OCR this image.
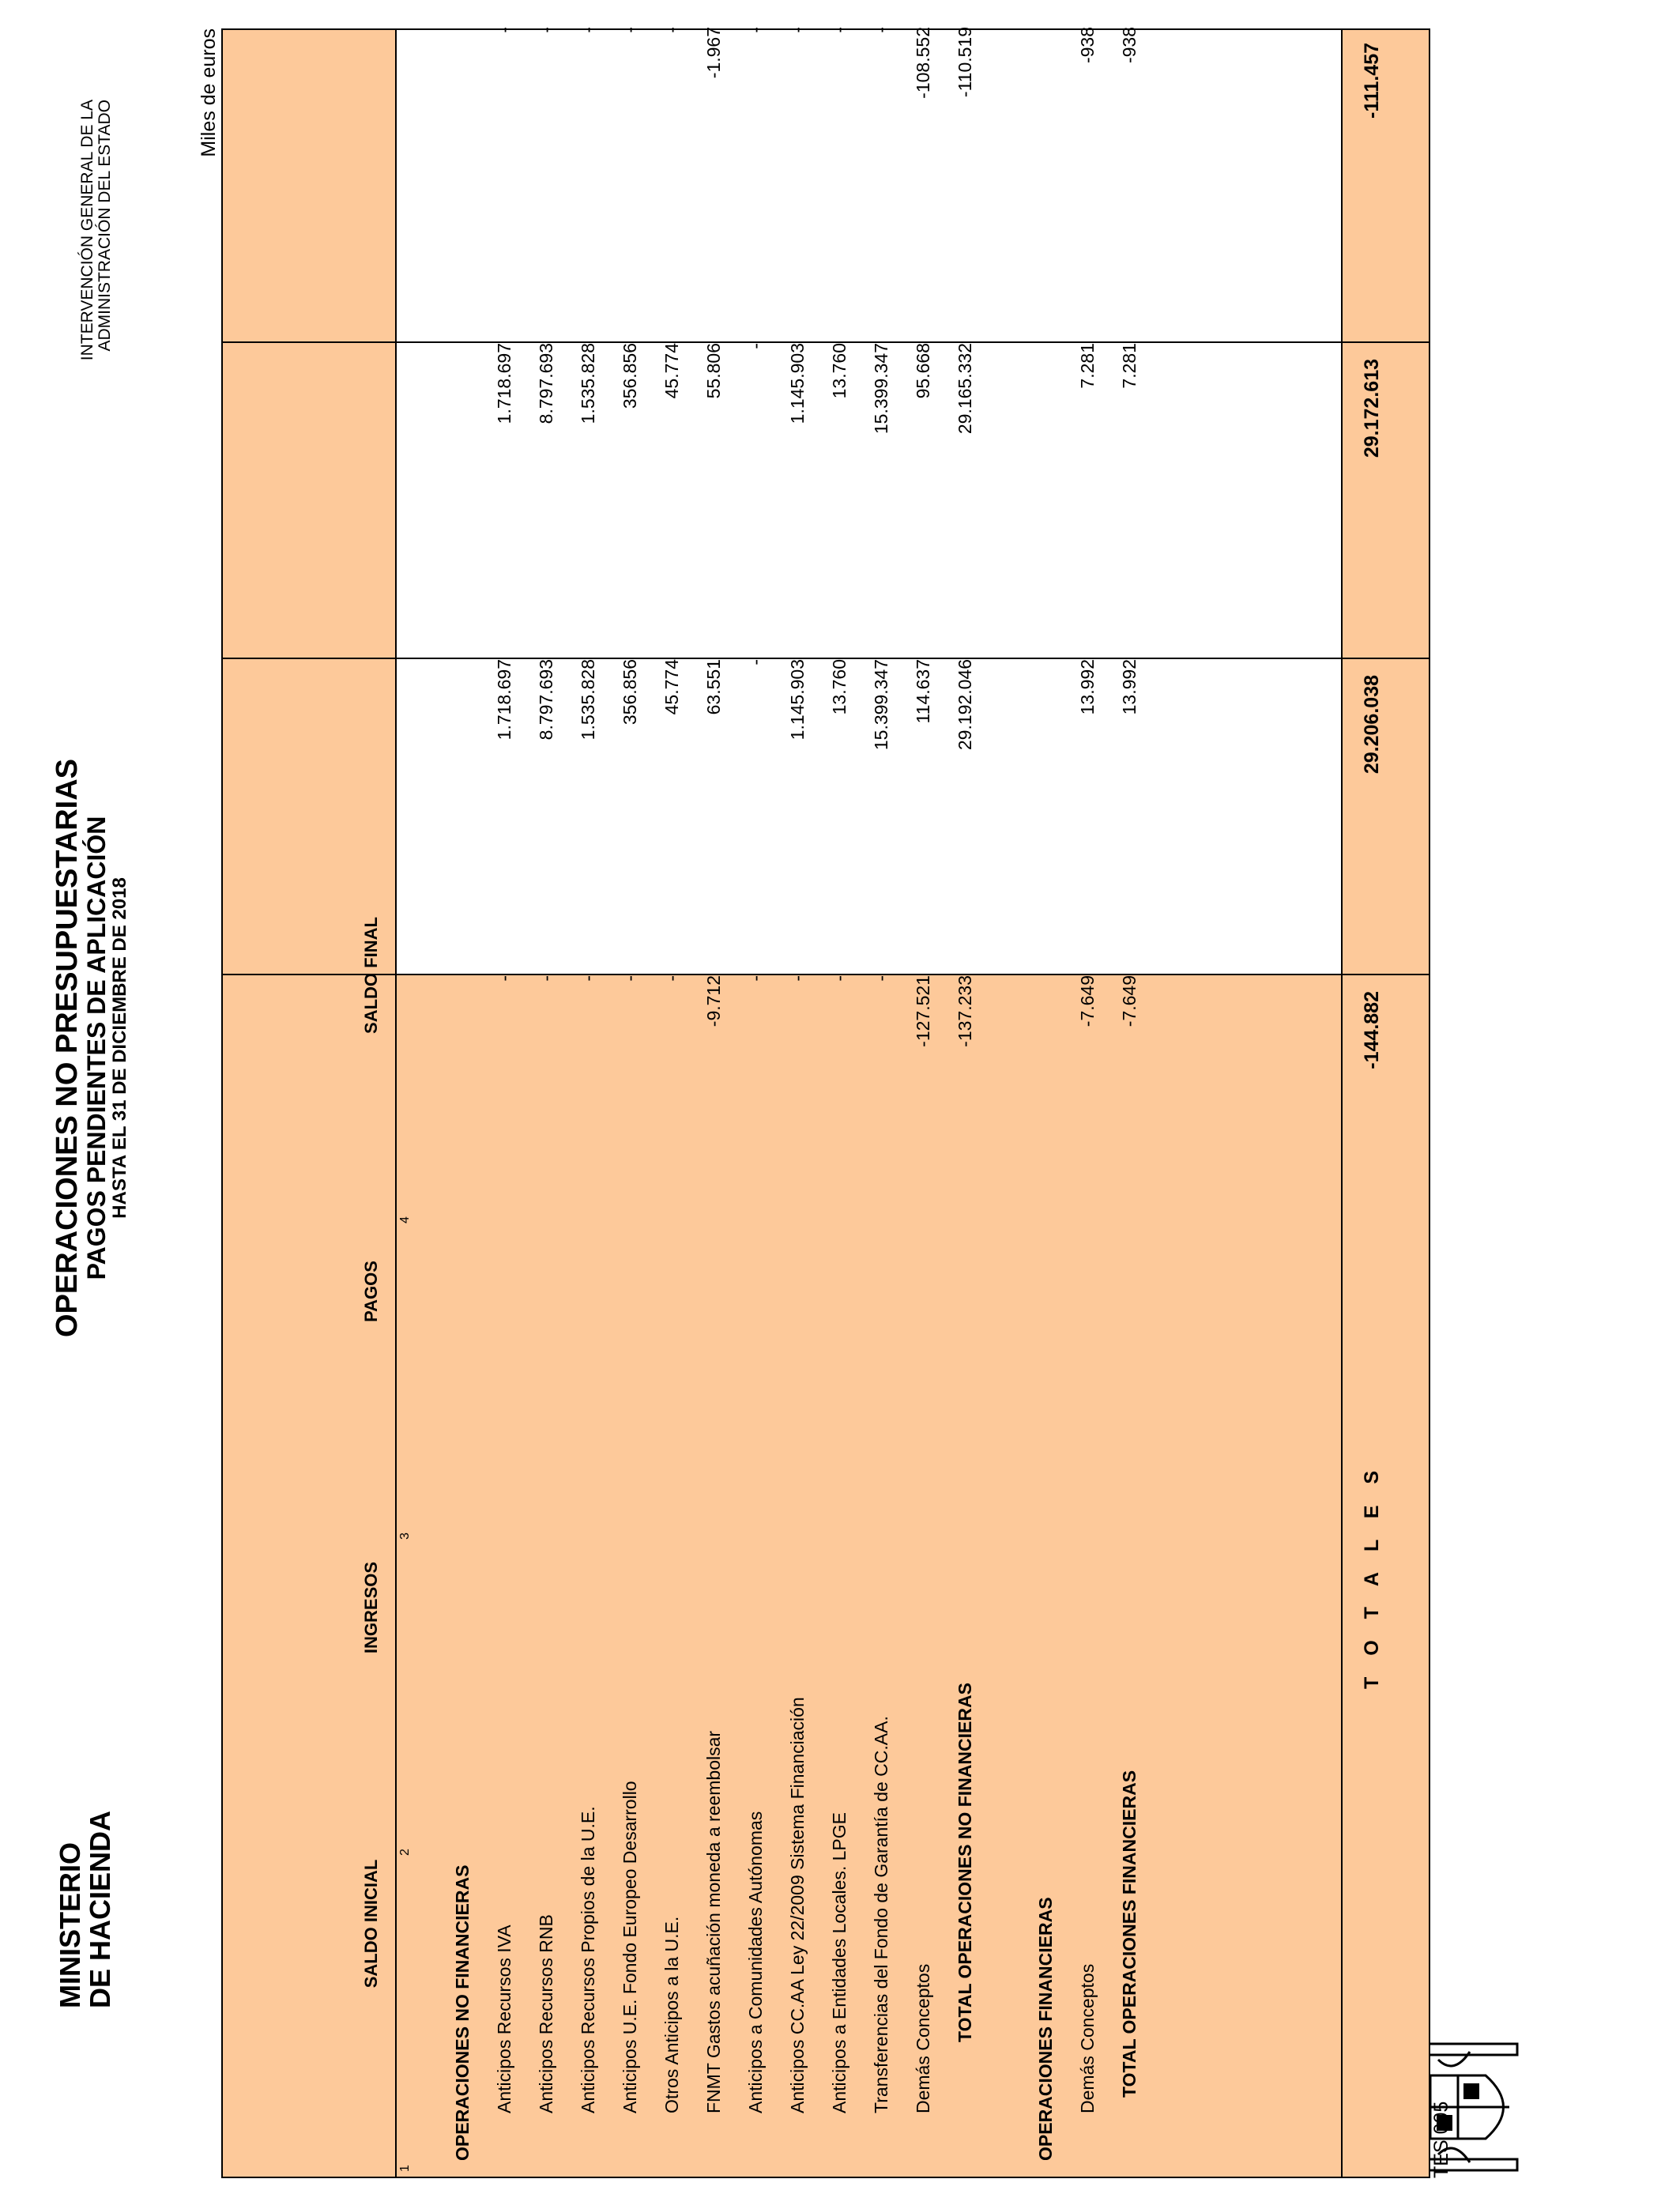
MINISTERIO
DE HACIENDA
OPERACIONES NO PRESUPUESTARIAS
PAGOS PENDIENTES DE APLICACIÓN
HASTA EL 31 DE DICIEMBRE DE 2018
INTERVENCIÓN GENERAL DE LA ADMINISTRACIÓN DEL ESTADO
Miles de euros
SALDO INICIAL
INGRESOS
PAGOS
SALDO FINAL
1
2
3
4
OPERACIONES NO FINANCIERAS Anticipos Recursos IVA
-
1.718.697
1.718.697
-
Anticipos Recursos RNB
-
8.797.693
8.797.693
-
Anticipos Recursos Propios de la U.E.
-
1.535.828
1.535.828
-
Anticipos U.E. Fondo Europeo Desarrollo
-
356.856
356.856
-
Otros Anticipos a la U.E.
-
45.774
45.774
-
FNMT Gastos acuñación moneda a reembolsar
-9.712
63.551
55.806
-1.967
Anticipos a Comunidades Autónomas
-
-
-
-
Anticipos CC.AA Ley 22/2009 Sistema Financiación
-
1.145.903
1.145.903
-
Anticipos a Entidades Locales. LPGE
-
13.760
13.760
-
Transferencias del Fondo de Garantía de CC.AA.
-
15.399.347
15.399.347
-
Demás Conceptos
-127.521
114.637
95.668
-108.552
TOTAL OPERACIONES NO FINANCIERAS
-137.233
29.192.046
29.165.332
-110.519
OPERACIONES FINANCIERAS Demás Conceptos
-7.649
13.992
7.281
-938
TOTAL OPERACIONES FINANCIERAS
-7.649
13.992
7.281
-938
T O T A L E S
-144.882
29.206.038
29.172.613
-111.457
TES 005
